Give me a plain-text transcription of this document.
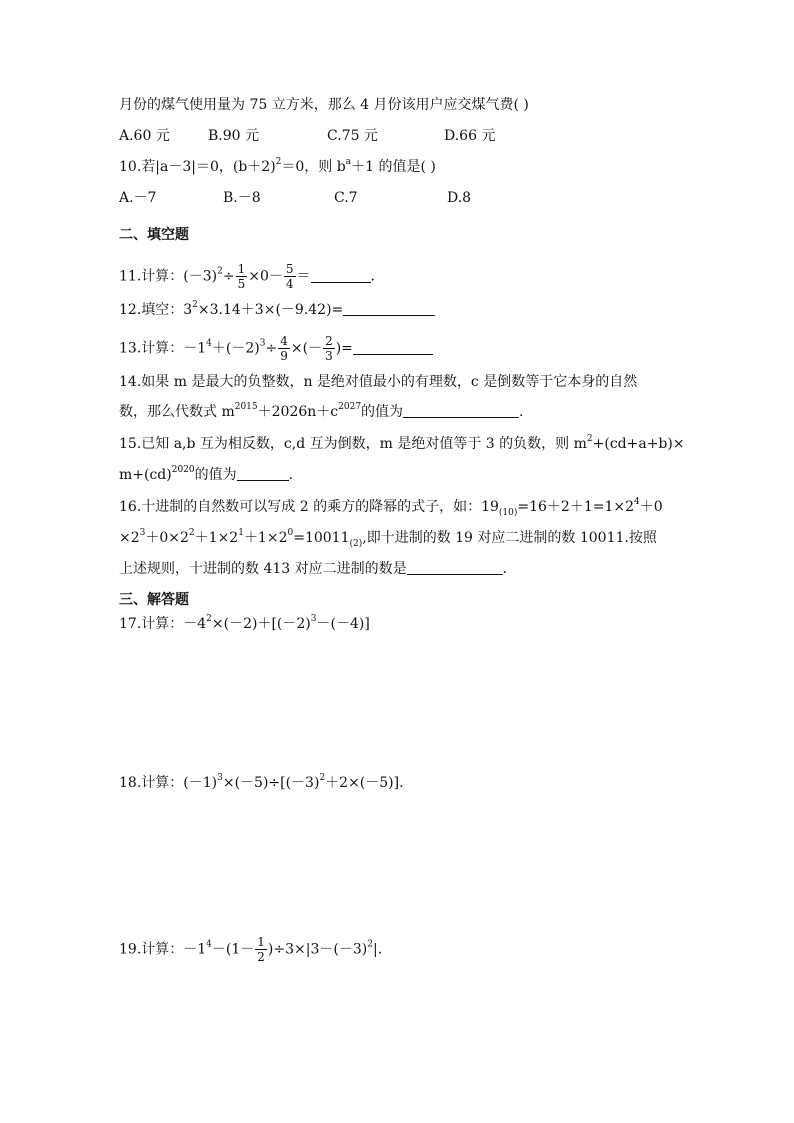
月份的煤气使用量为 75 立方米，那么 4 月份该用户应交煤气费( )
A.60 元	B.90 元	C.75 元	D.66 元
10.若|a－3|＝0，$(b+2)^2=0$，则 $b^a+1$ 的值是( )
A.－7	B.－8	C.7	D.8
二、填空题
11.计算：$(-3)^2\div \frac{1}{5} \times 0- \frac{5}{4}$ ＝	.
12.填空：$3^2\times 3.14+3\times(-9.42)=$
13.计算：$-1^4+(-2)^3\div \frac{4}{9}$ ×(－ $\frac{2}{3}$ )=
14.如果 m 是最大的负整数，n 是绝对值最小的有理数，c 是倒数等于它本身的自然
数，那么代数式 $m^{2015}+2026n+c^{2027}$的值为	.
15.已知 a,b 互为相反数，c,d 互为倒数，m 是绝对值等于 3 的负数，则 $m^2+(cd+a+b)\times$
m+(cd)$^{2020}$的值为	.
16.十进制的自然数可以写成 2 的乘方的降幂的式子，如：$19_{(10)}=16+2+1=1\times 2^4+0$
$\times 2^3+0\times 2^2+1\times 2^1+1\times 2^0=10011_{(2)}$,即十进制的数 19 对应二进制的数 10011.按照
上述规则，十进制的数 413 对应二进制的数是	.
三、解答题
17.计算：$-4^2\times(-2)+[(-2)^3-(-4)]$
18.计算：$(-1)^3\times(-5)\div[(-3)^2+2\times(-5)]$.
19.计算：$-1^4-(1- \frac{1}{2} )\div 3\times|3-(-3)^2|$.
